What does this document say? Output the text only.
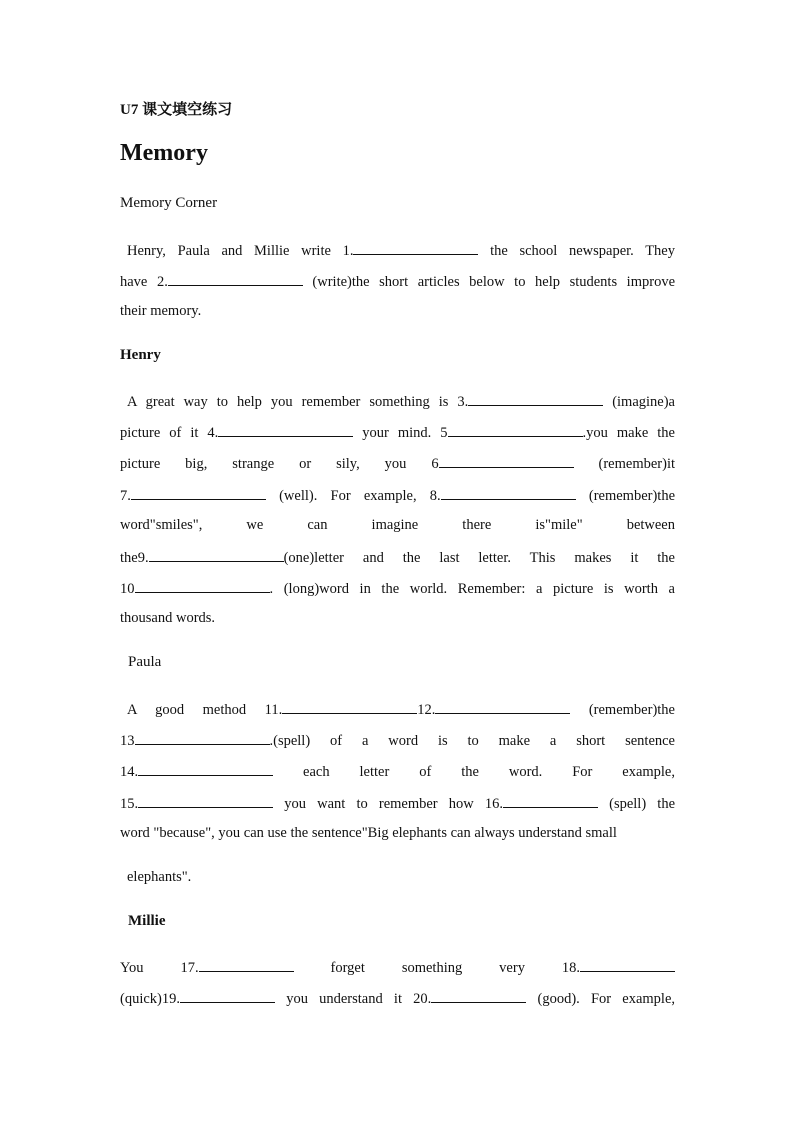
U7 课文填空练习
Memory
Memory Corner
Henry, Paula and Millie write 1.	the school newspaper. They
have 2.	(write)the short articles below to help students improve
their memory.
Henry
A great way to help you remember something is 3.	(imagine)a
picture of it 4.	your mind. 5	.you make the
picture big, strange or sily, you 6	(remember)it
7.	(well). For example, 8.	(remember)the
word"smiles", we can imagine there is"mile" between
the9.	(one)letter and the last letter. This makes it the
10	. (long)word in the world. Remember: a picture is worth a
thousand words.
Paula
A good method 11.	12.	(remember)the
13	.(spell) of a word is to make a short sentence
14.	each letter of the word. For example,
15.	you want to remember how 16.	(spell) the
word "because", you can use the sentence"Big elephants can always understand small
elephants".
Millie
You 17.	forget something very 18.
(quick)19.	you understand it 20.	(good). For example,
